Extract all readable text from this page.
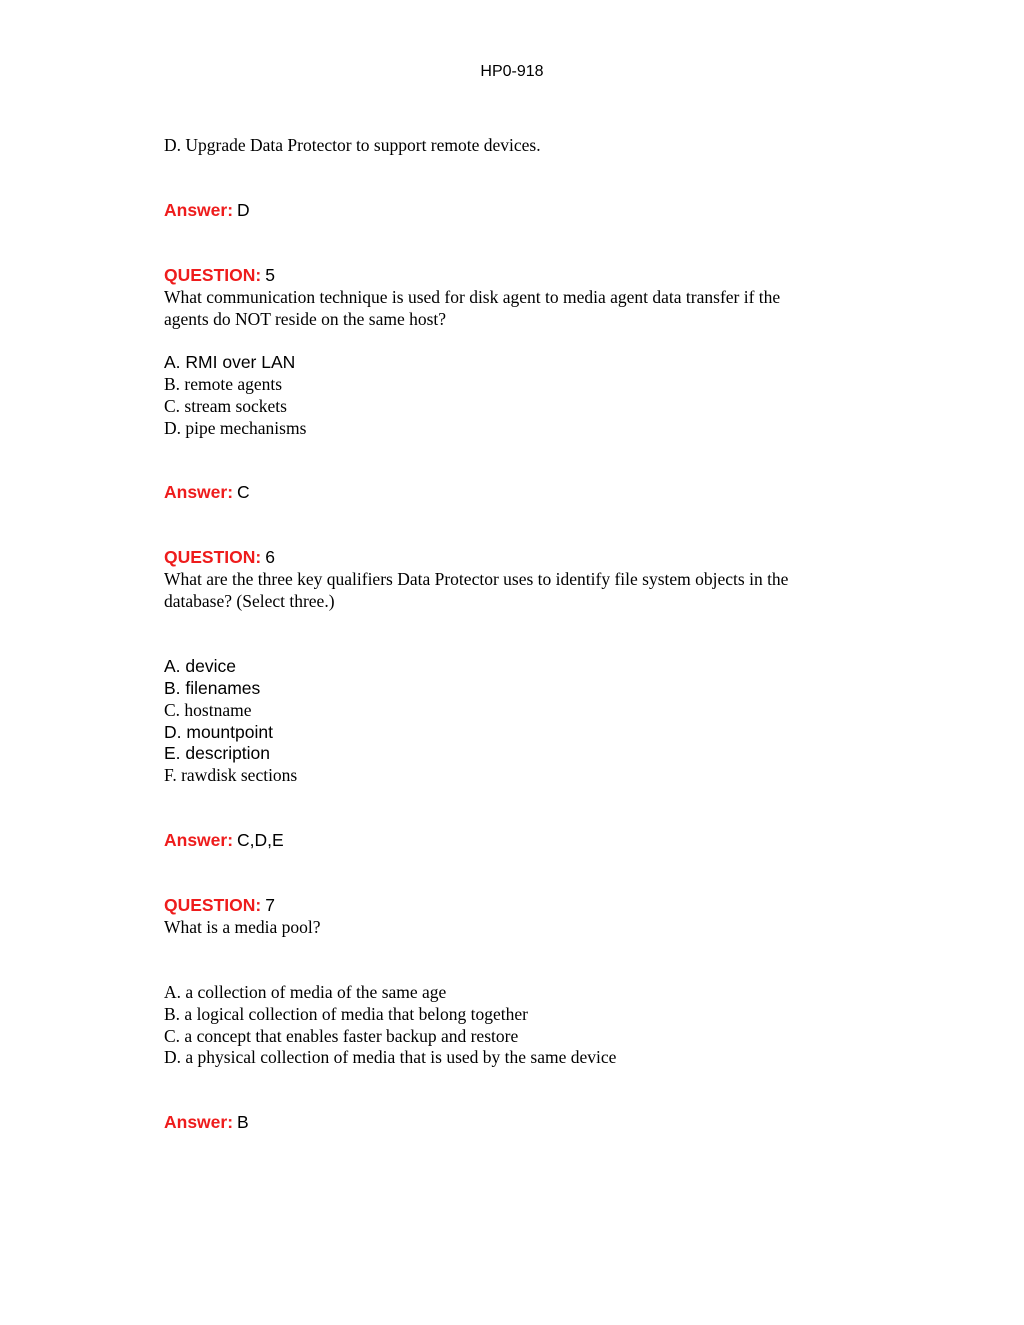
HP0-918
D. Upgrade Data Protector to support remote devices.
Answer: D
QUESTION: 5
What communication technique is used for disk agent to media agent data transfer if the
agents do NOT reside on the same host?
A. RMI over LAN
B. remote agents
C. stream sockets
D. pipe mechanisms
Answer: C
QUESTION: 6
What are the three key qualifiers Data Protector uses to identify file system objects in the
database? (Select three.)
A. device
B. filenames
C. hostname
D. mountpoint
E. description
F. rawdisk sections
Answer: C,D,E
QUESTION: 7
What is a media pool?
A. a collection of media of the same age
B. a logical collection of media that belong together
C. a concept that enables faster backup and restore
D. a physical collection of media that is used by the same device
Answer: B
